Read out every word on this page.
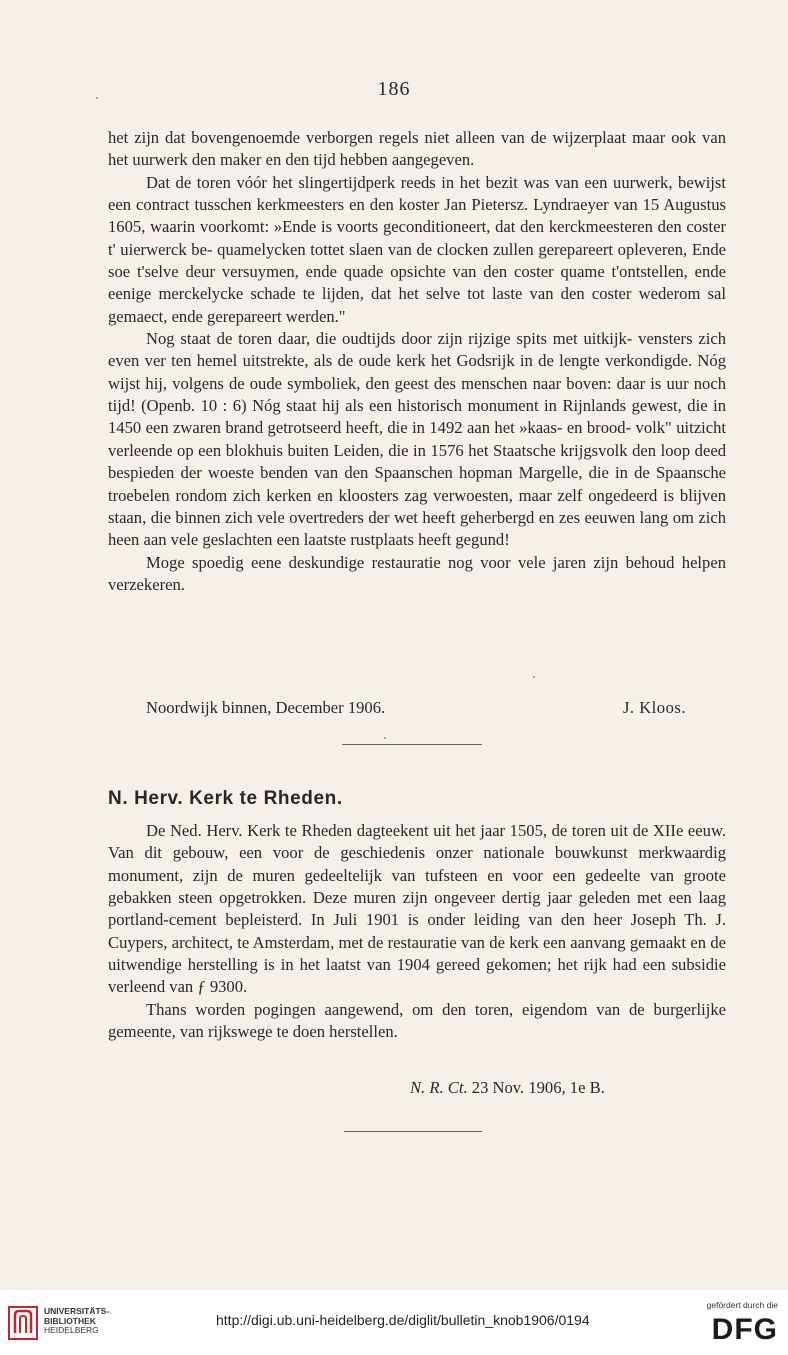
186

het zijn dat bovengenoemde verborgen regels niet alleen van de wijzerplaat maar ook van het uurwerk den maker en den tijd hebben aangegeven.

Dat de toren vóór het slingertijdperk reeds in het bezit was van een uurwerk, bewijst een contract tusschen kerkmeesters en den koster Jan Pietersz. Lyndraeyer van 15 Augustus 1605, waarin voorkomt: »Ende is voorts geconditioneert, dat den kerckmeesteren den coster t' uierwerck be- quamelycken tottet slaen van de clocken zullen gerepareert opleveren, Ende soe t'selve deur versuymen, ende quade opsichte van den coster quame t'ontstellen, ende eenige merckelycke schade te lijden, dat het selve tot laste van den coster wederom sal gemaect, ende gerepareert werden."

Nog staat de toren daar, die oudtijds door zijn rijzige spits met uitkijk- vensters zich even ver ten hemel uitstrekte, als de oude kerk het Godsrijk in de lengte verkondigde. Nóg wijst hij, volgens de oude symboliek, den geest des menschen naar boven: daar is uur noch tijd! (Openb. 10 : 6) Nóg staat hij als een historisch monument in Rijnlands gewest, die in 1450 een zwaren brand getrotseerd heeft, die in 1492 aan het »kaas- en brood- volk" uitzicht verleende op een blokhuis buiten Leiden, die in 1576 het Staatsche krijgsvolk den loop deed bespieden der woeste benden van den Spaanschen hopman Margelle, die in de Spaansche troebelen rondom zich kerken en kloosters zag verwoesten, maar zelf ongedeerd is blijven staan, die binnen zich vele overtreders der wet heeft geherbergd en zes eeuwen lang om zich heen aan vele geslachten een laatste rustplaats heeft gegund!

Moge spoedig eene deskundige restauratie nog voor vele jaren zijn behoud helpen verzekeren.

Noordwijk binnen, December 1906.	J. Kloos.
N. Herv. Kerk te Rheden.

De Ned. Herv. Kerk te Rheden dagteekent uit het jaar 1505, de toren uit de XIIe eeuw. Van dit gebouw, een voor de geschiedenis onzer nationale bouwkunst merkwaardig monument, zijn de muren gedeeltelijk van tufsteen en voor een gedeelte van groote gebakken steen opgetrokken. Deze muren zijn ongeveer dertig jaar geleden met een laag portland-cement bepleisterd. In Juli 1901 is onder leiding van den heer Joseph Th. J. Cuypers, architect, te Amsterdam, met de restauratie van de kerk een aanvang gemaakt en de uitwendige herstelling is in het laatst van 1904 gereed gekomen; het rijk had een subsidie verleend van ƒ 9300.

Thans worden pogingen aangewend, om den toren, eigendom van de burgerlijke gemeente, van rijkswege te doen herstellen.

N. R. Ct. 23 Nov. 1906, 1e B.
UNIVERSITÄTS-
BIBLIOTHEK
HEIDELBERG
http://digi.ub.uni-heidelberg.de/diglit/bulletin_knob1906/0194
gefördert durch die
DFG
